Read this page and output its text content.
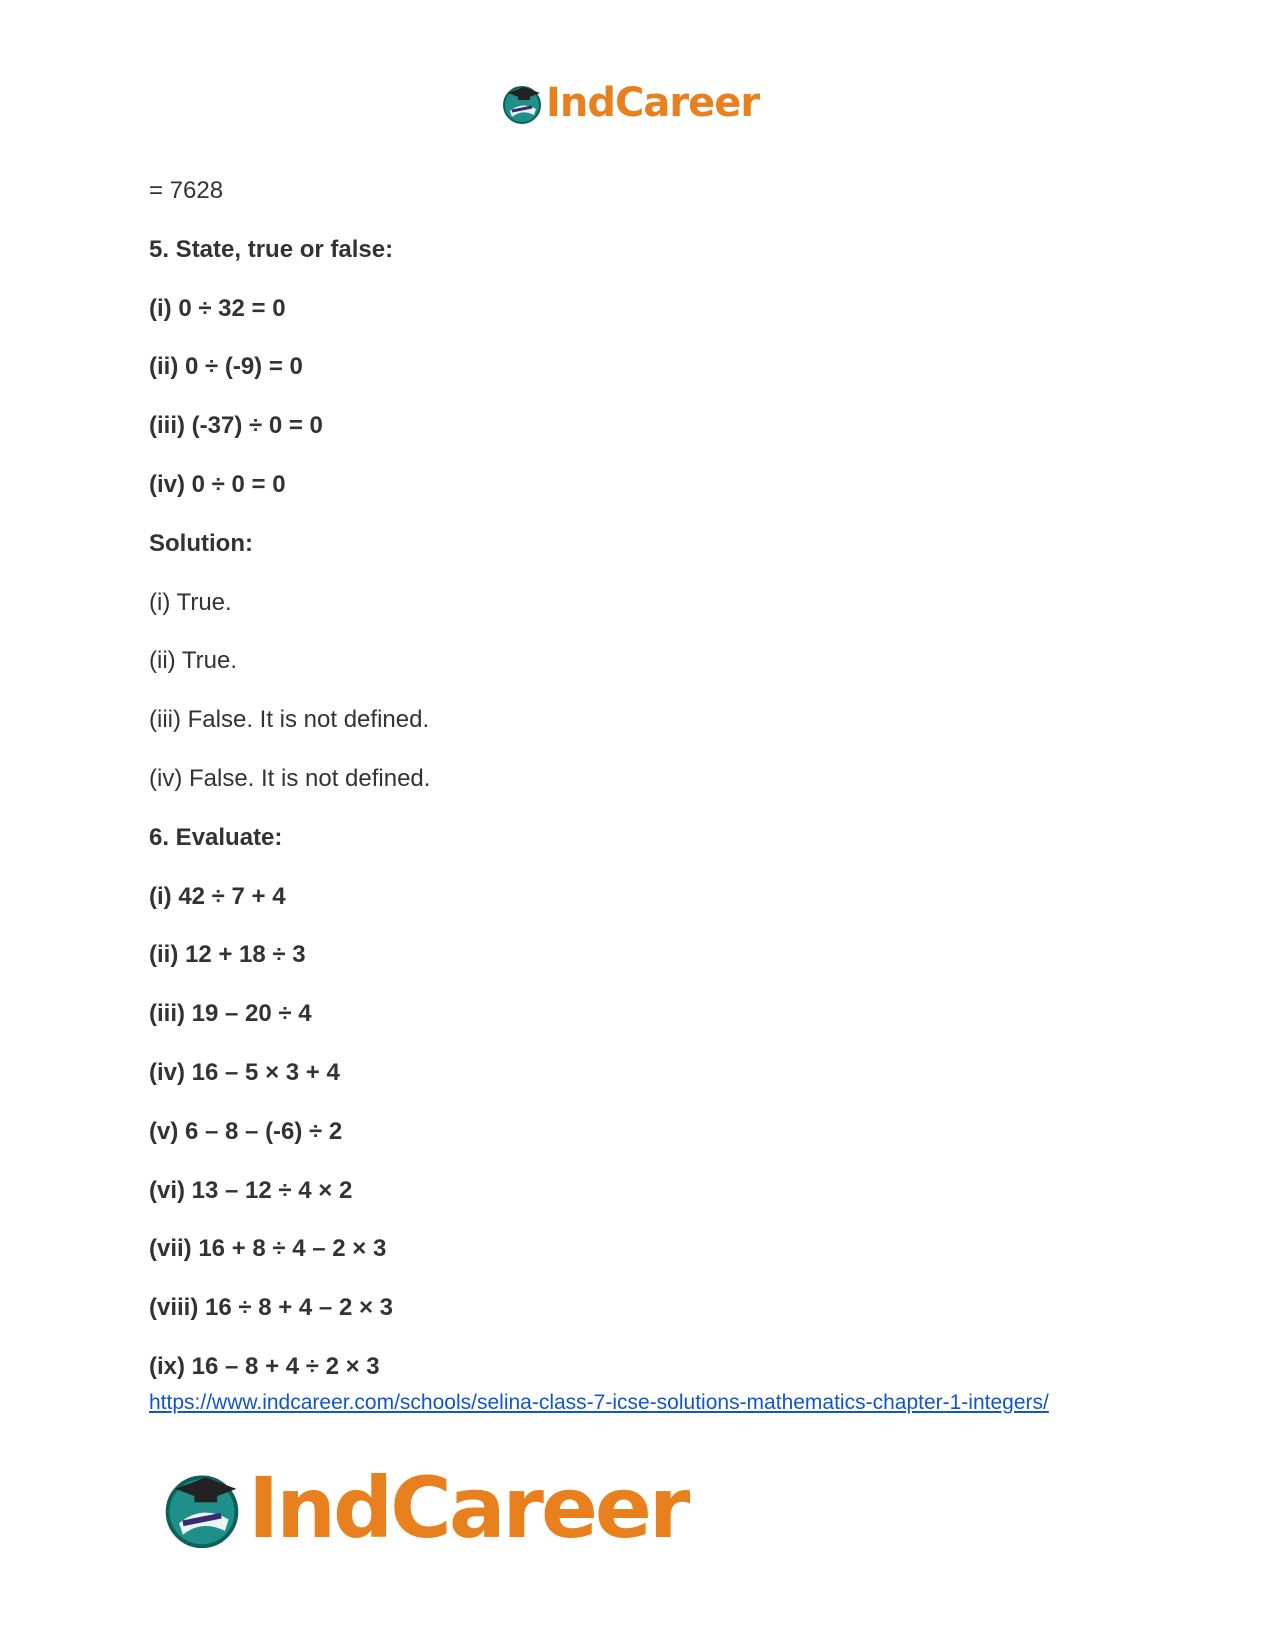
IndCareer

= 7628

5. State, true or false:

(i) 0 ÷ 32 = 0

(ii) 0 ÷ (-9) = 0

(iii) (-37) ÷ 0 = 0

(iv) 0 ÷ 0 = 0

Solution:

(i) True.

(ii) True.

(iii) False. It is not defined.

(iv) False. It is not defined.

6. Evaluate:

(i) 42 ÷ 7 + 4

(ii) 12 + 18 ÷ 3

(iii) 19 – 20 ÷ 4

(iv) 16 – 5 × 3 + 4

(v) 6 – 8 – (-6) ÷ 2

(vi) 13 – 12 ÷ 4 × 2

(vii) 16 + 8 ÷ 4 – 2 × 3

(viii) 16 ÷ 8 + 4 – 2 × 3

(ix) 16 – 8 + 4 ÷ 2 × 3

https://www.indcareer.com/schools/selina-class-7-icse-solutions-mathematics-chapter-1-integers/
IndCareer
